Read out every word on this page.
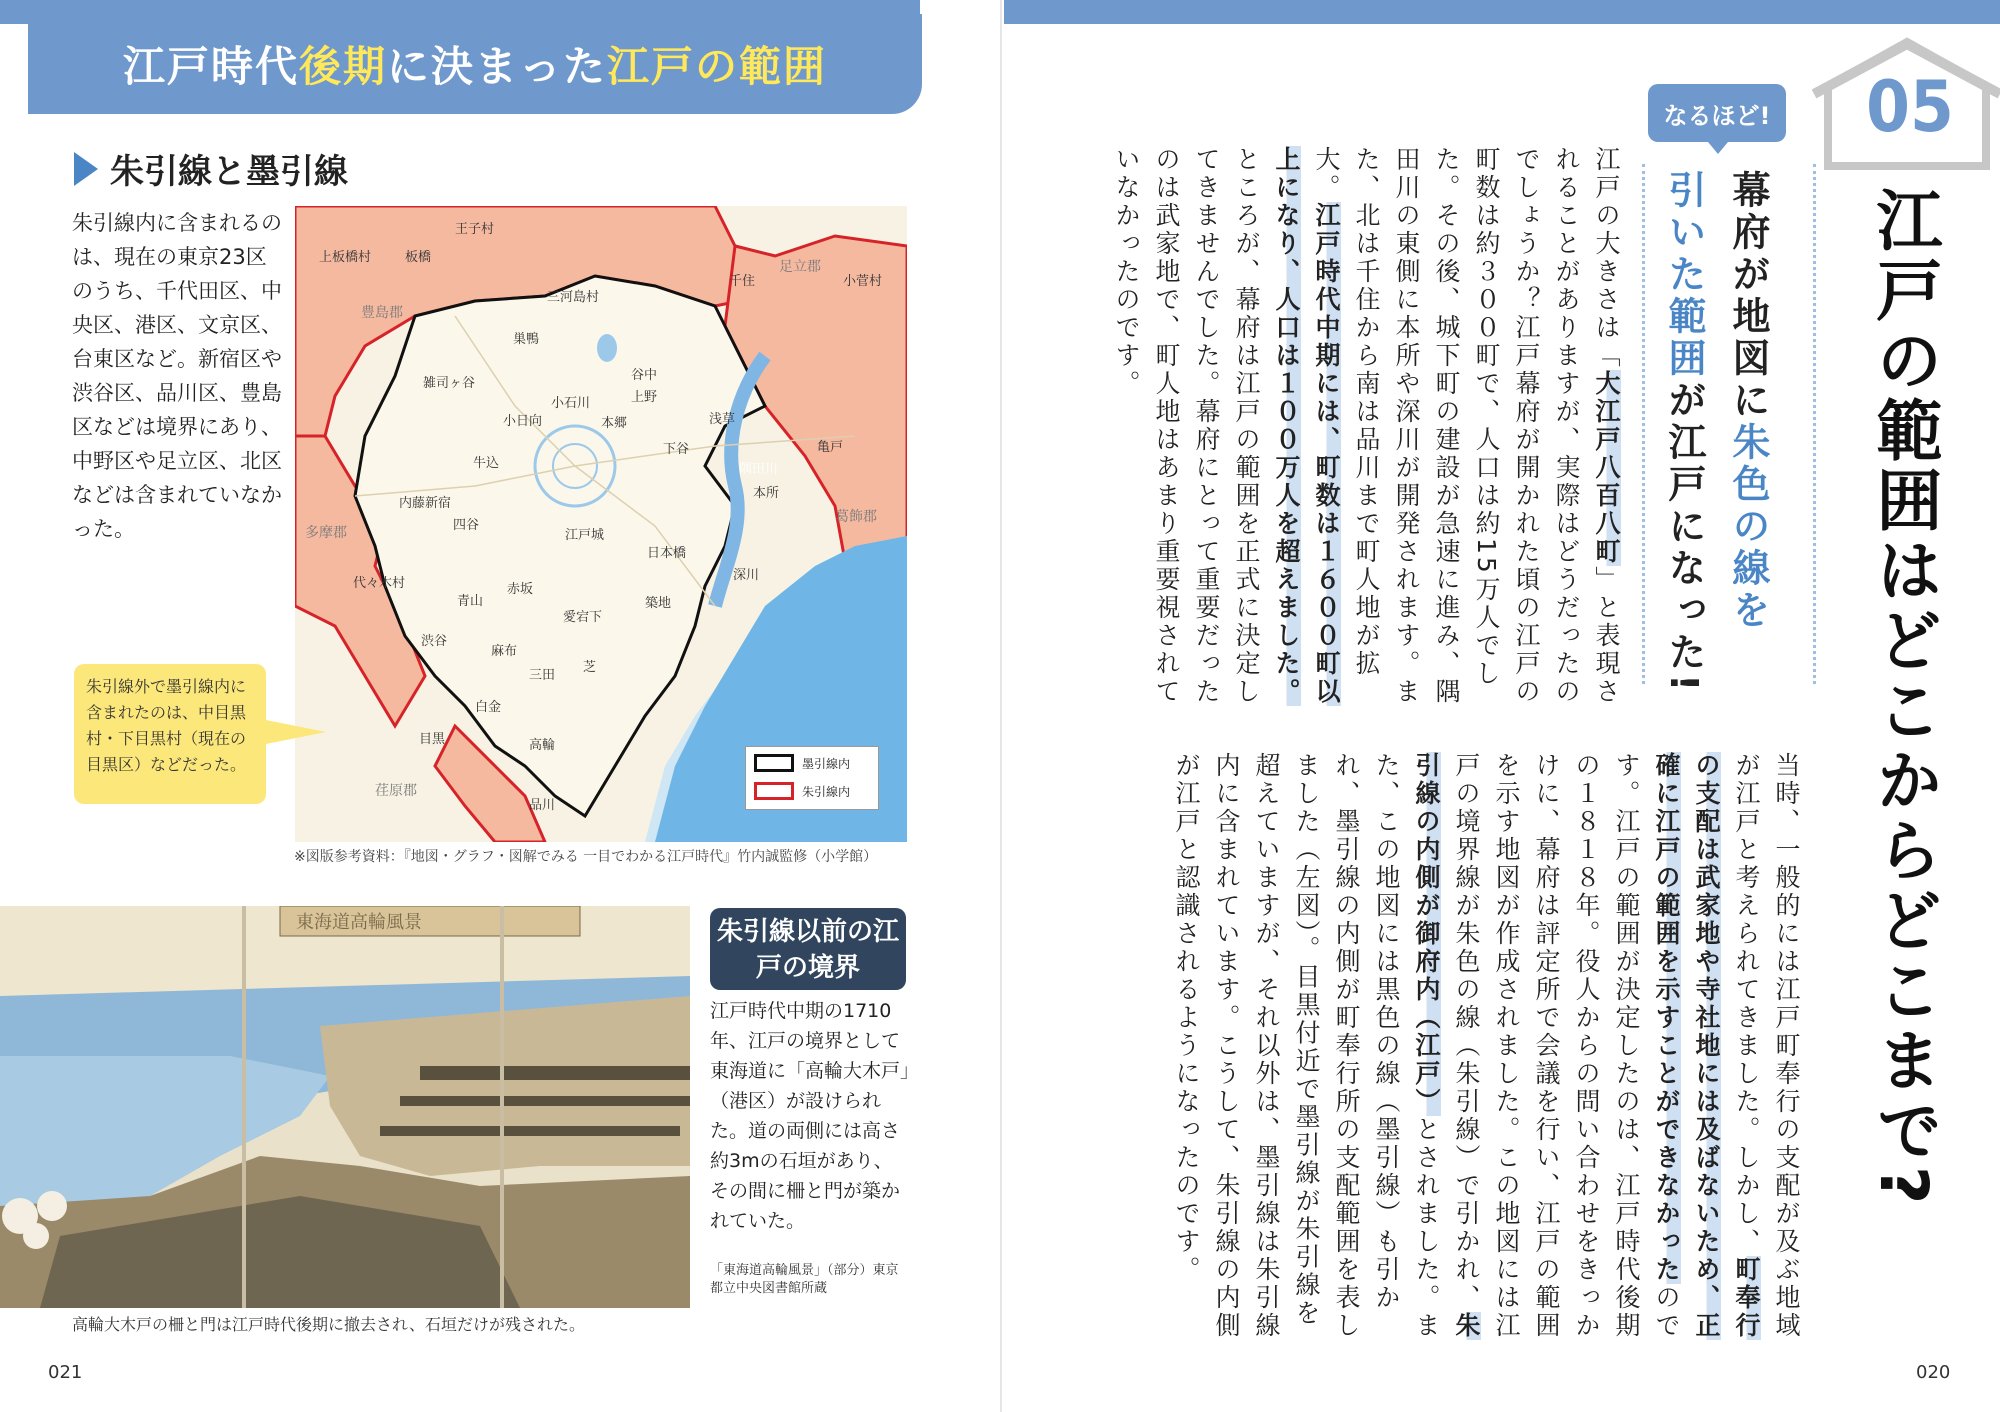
江戸時代 後期 に決まった 江戸の範囲
朱引線と墨引線
朱引線内に含まれるのは、現在の東京23区のうち、千代田区、中央区、港区、文京区、台東区など。新宿区や渋谷区、品川区、豊島区などは境界にあり、中野区や足立区、北区などは含まれていなかった。
王子村
板橋
上板橋村
三河島村
足立郡
千住	小菅村
豊島郡
巣鴨
雑司ヶ谷
小石川
谷中
上野
小日向	本郷	浅草
下谷
牛込	隅田川
本所
亀戸
内藤新宿
四谷
江戸城
葛飾郡
多摩郡
日本橋
深川
代々木村	赤坂
青山
愛宕下
築地
渋谷
麻布
芝
三田
白金
目黒	高輪
荏原郡
品川
墨引線内
朱引線内
朱引線外で墨引線内に含まれたのは、中目黒村・下目黒村（現在の目黒区）などだった。
※図版参考資料：『地図・グラフ・図解でみる 一目でわかる江戸時代』竹内誠監修（小学館）
東海道高輪風景	朱引線以前の江戸の境界
江戸時代中期の1710年、江戸の境界として東海道に「高輪大木戸」（港区）が設けられた。道の両側には高さ約3mの石垣があり、その間に柵と門が築かれていた。
「東海道高輪風景」（部分）東京都立中央図書館所蔵
高輪大木戸の柵と門は江戸時代後期に撤去され、石垣だけが残された。
021
なるほど! 05
江戸の範囲はどこからどこまで?
幕府が地図に朱色の線を
引いた範囲が江戸になった!
江戸の大きさは「大江戸八百八町」と表現されることがありますが、実際はどうだったのでしょうか？江戸幕府が開かれた頃の江戸の町数は約３００町で、人口は約15万人でした。その後、城下町の建設が急速に進み、隅田川の東側に本所や深川が開発されます。また、北は千住から南は品川まで町人地が拡大。江戸時代中期には、町数は１６００町以上になり、人口は１００万人を超えました。ところが、幕府は江戸の範囲を正式に決定してきませんでした。幕府にとって重要だったのは武家地で、町人地はあまり重要視されていなかったのです。
当時、一般的には江戸町奉行の支配が及ぶ地域が江戸と考えられてきました。しかし、町奉行の支配は武家地や寺社地には及ばないため、正確に江戸の範囲を示すことができなかったのです。江戸の範囲が決定したのは、江戸時代後期の１８１８年。役人からの問い合わせをきっかけに、幕府は評定所で会議を行い、江戸の範囲を示す地図が作成されました。この地図には江戸の境界線が朱色の線（朱引線）で引かれ、朱引線の内側が御府内（江戸）とされました。また、この地図には黒色の線（墨引線）も引かれ、墨引線の内側が町奉行所の支配範囲を表しました（左図）。目黒付近で墨引線が朱引線を超えていますが、それ以外は、墨引線は朱引線内に含まれています。こうして、朱引線の内側が江戸と認識されるようになったのです。
020
